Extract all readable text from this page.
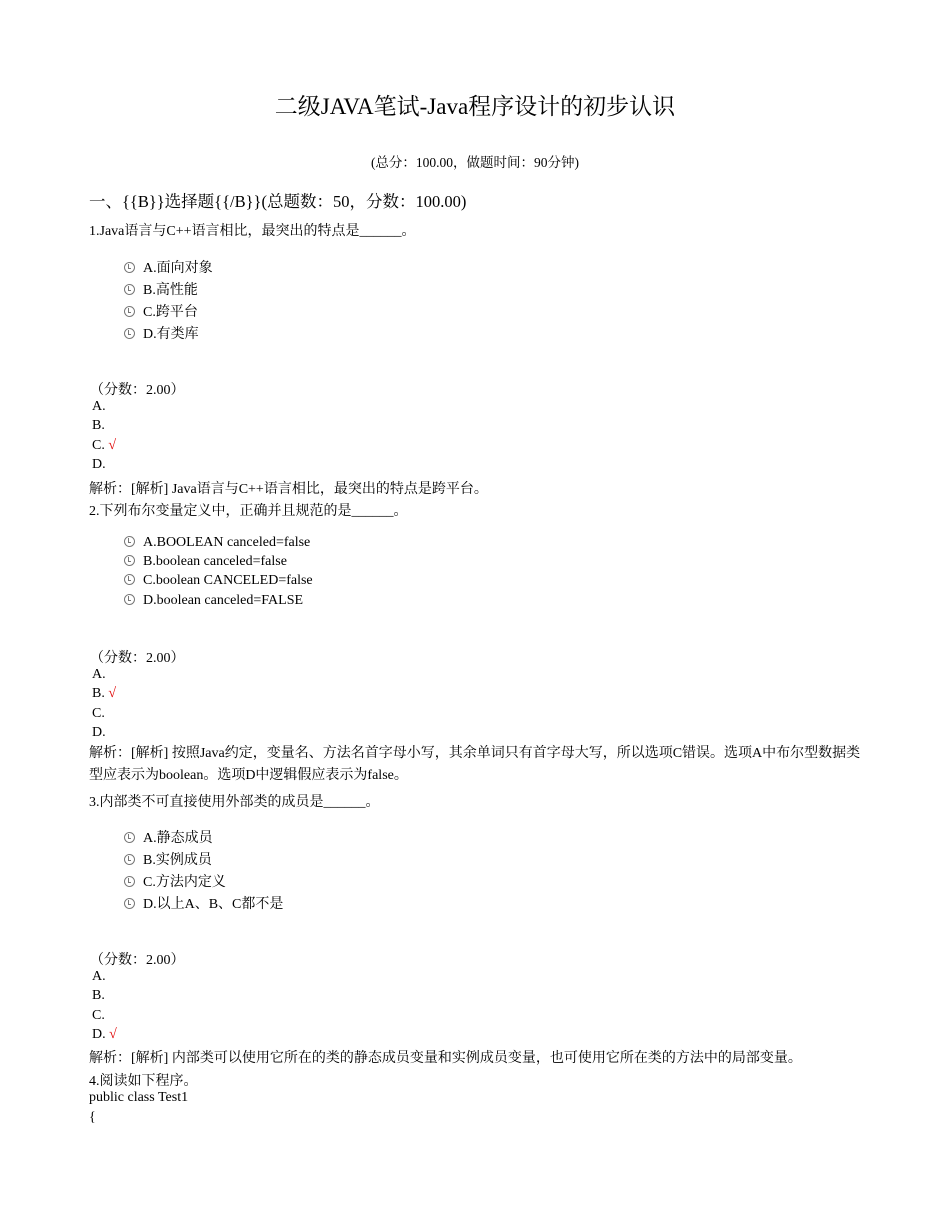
二级JAVA笔试-Java程序设计的初步认识
(总分：100.00，做题时间：90分钟)
一、{{B}}选择题{{/B}}(总题数：50，分数：100.00)
1.Java语言与C++语言相比，最突出的特点是______。
A.面向对象
B.高性能
C.跨平台
D.有类库
（分数：2.00）
A.
B.
C. √
D.
解析：[解析] Java语言与C++语言相比，最突出的特点是跨平台。
2.下列布尔变量定义中，正确并且规范的是______。
A.BOOLEAN canceled=false
B.boolean canceled=false
C.boolean CANCELED=false
D.boolean canceled=FALSE
（分数：2.00）
A.
B. √
C.
D.
解析：[解析] 按照Java约定，变量名、方法名首字母小写，其余单词只有首字母大写，所以选项C错误。选项A中布尔型数据类型应表示为boolean。选项D中逻辑假应表示为false。
3.内部类不可直接使用外部类的成员是______。
A.静态成员
B.实例成员
C.方法内定义
D.以上A、B、C都不是
（分数：2.00）
A.
B.
C.
D. √
解析：[解析] 内部类可以使用它所在的类的静态成员变量和实例成员变量，也可使用它所在类的方法中的局部变量。
4.阅读如下程序。
public class Test1
{
